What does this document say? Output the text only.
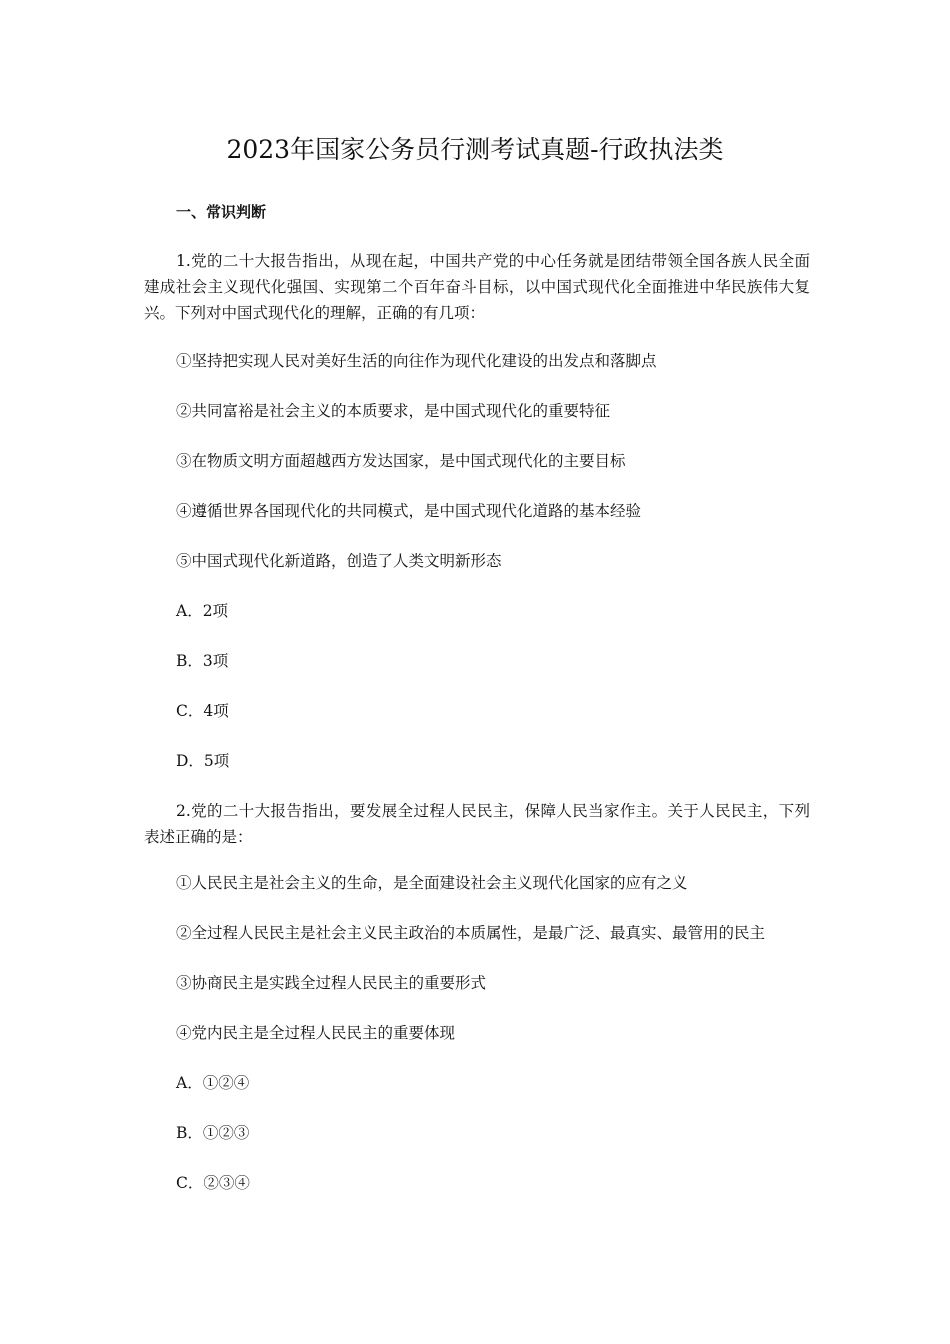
2023年国家公务员行测考试真题-行政执法类
一、常识判断
1.党的二十大报告指出，从现在起，中国共产党的中心任务就是团结带领全国各族人民全面建成社会主义现代化强国、实现第二个百年奋斗目标，以中国式现代化全面推进中华民族伟大复兴。下列对中国式现代化的理解，正确的有几项：
①坚持把实现人民对美好生活的向往作为现代化建设的出发点和落脚点
②共同富裕是社会主义的本质要求，是中国式现代化的重要特征
③在物质文明方面超越西方发达国家，是中国式现代化的主要目标
④遵循世界各国现代化的共同模式，是中国式现代化道路的基本经验
⑤中国式现代化新道路，创造了人类文明新形态
A．2项
B．3项
C．4项
D．5项
2.党的二十大报告指出，要发展全过程人民民主，保障人民当家作主。关于人民民主，下列表述正确的是：
①人民民主是社会主义的生命，是全面建设社会主义现代化国家的应有之义
②全过程人民民主是社会主义民主政治的本质属性，是最广泛、最真实、最管用的民主
③协商民主是实践全过程人民民主的重要形式
④党内民主是全过程人民民主的重要体现
A．①②④
B．①②③
C．②③④
